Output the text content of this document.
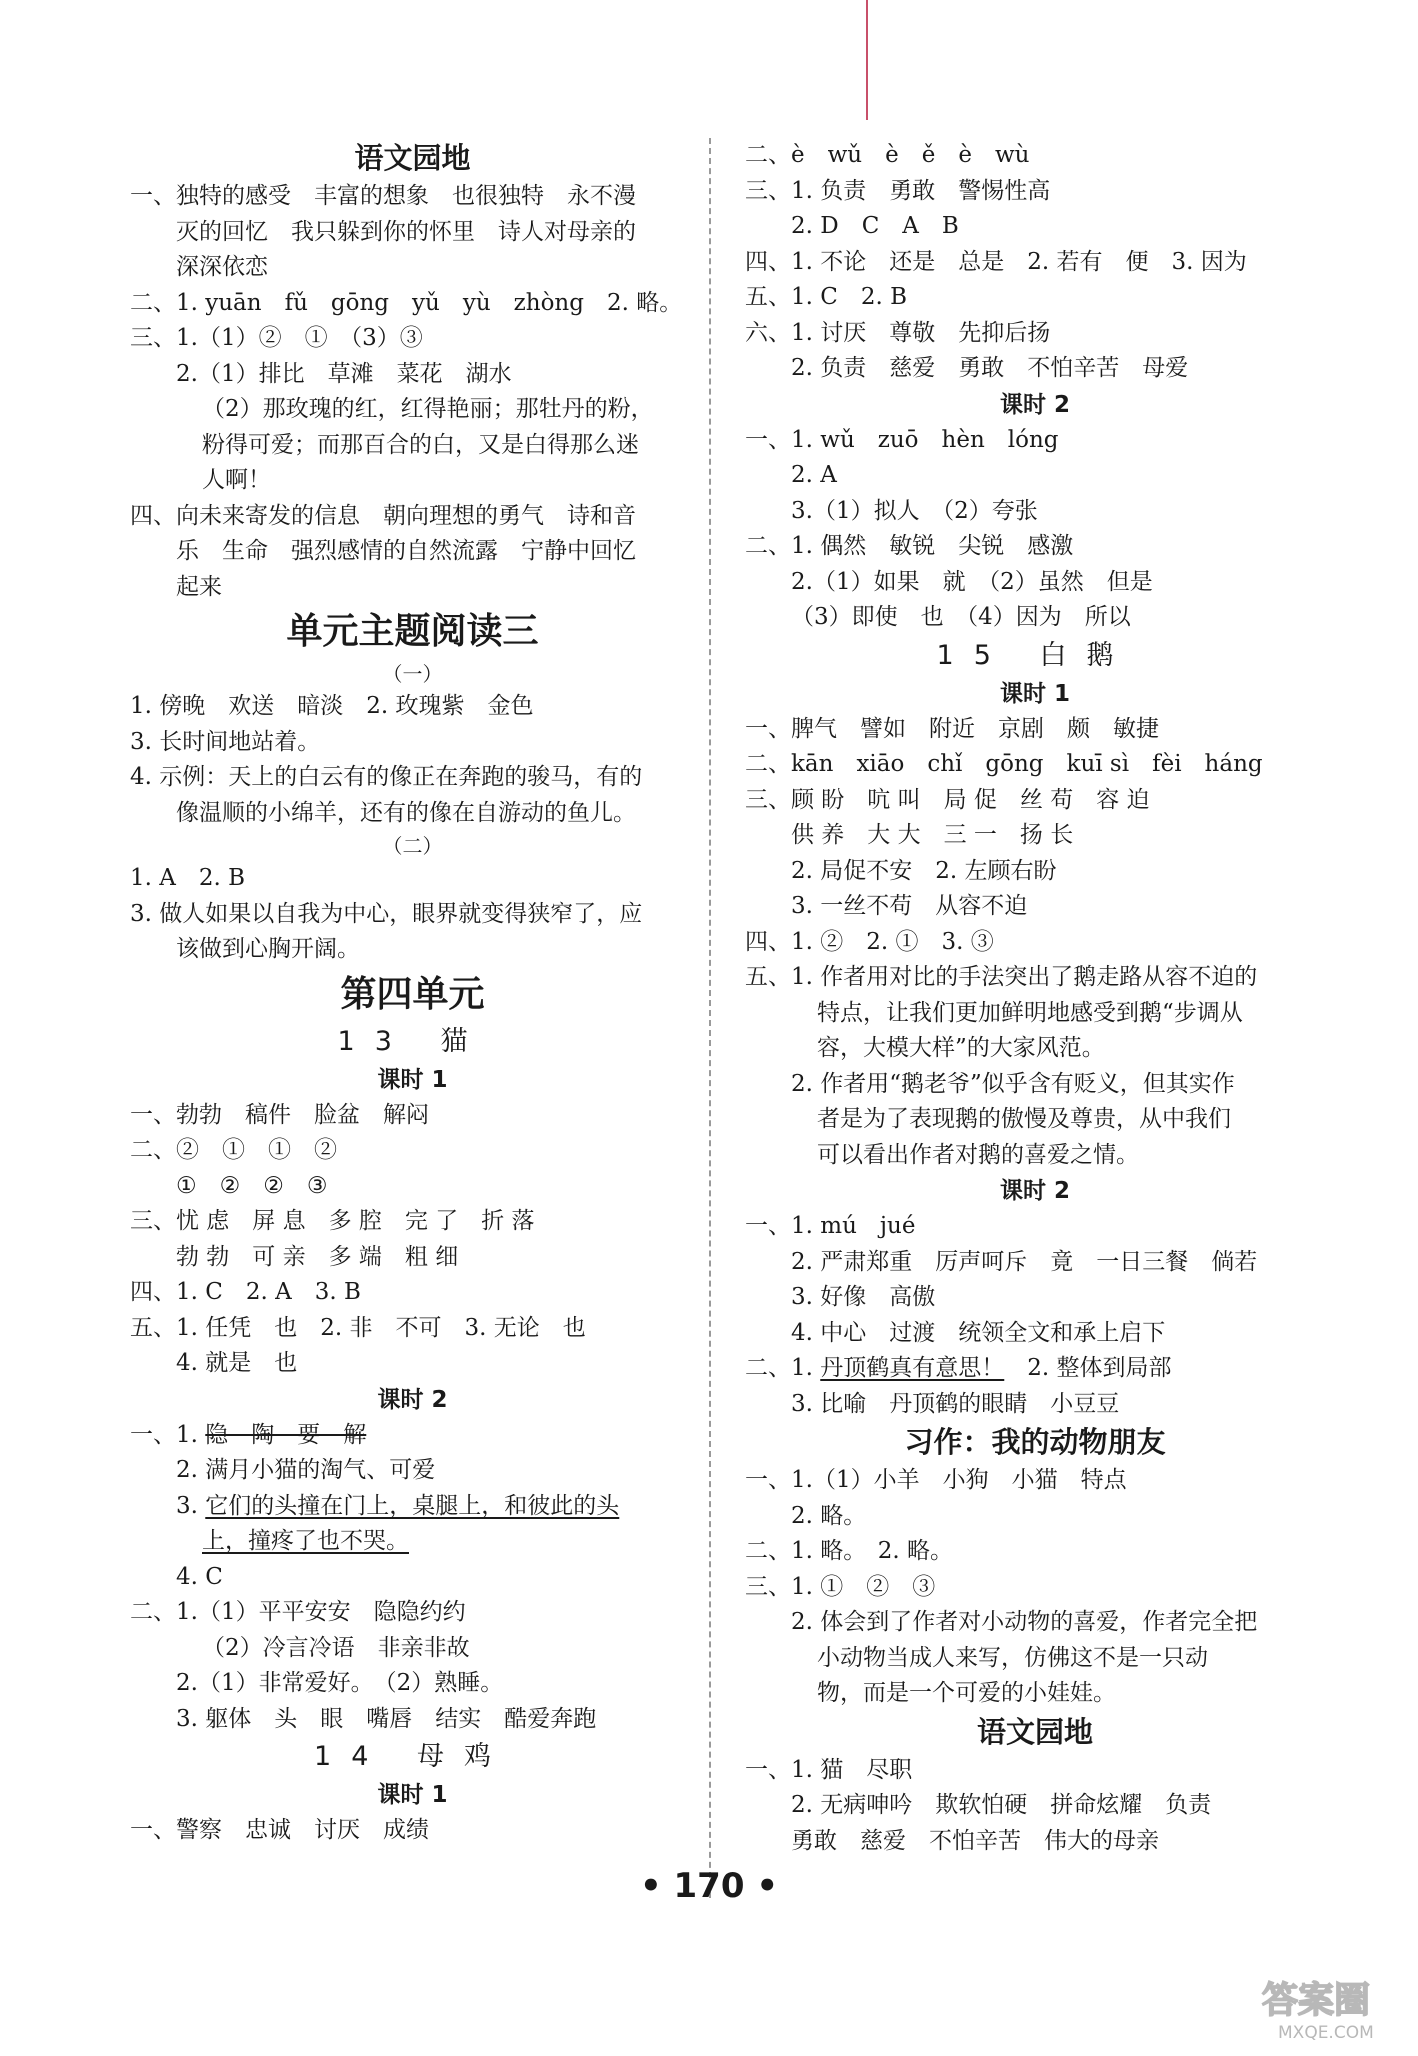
语文园地
一、独特的感受　丰富的想象　也很独特　永不漫
灭的回忆　我只躲到你的怀里　诗人对母亲的
深深依恋
二、1. yuān　fǔ　gōng　yǔ　yù　zhòng　2. 略。
三、1.（1）②　①　（3）③
2.（1）排比　草滩　菜花　湖水
（2）那玫瑰的红，红得艳丽；那牡丹的粉，
粉得可爱；而那百合的白，又是白得那么迷
人啊！
四、向未来寄发的信息　朝向理想的勇气　诗和音
乐　生命　强烈感情的自然流露　宁静中回忆
起来
单元主题阅读三
（一）
1. 傍晚　欢送　暗淡　2. 玫瑰紫　金色
3. 长时间地站着。
4. 示例：天上的白云有的像正在奔跑的骏马，有的
像温顺的小绵羊，还有的像在自游动的鱼儿。
（二）
1. A　2. B
3. 做人如果以自我为中心，眼界就变得狭窄了，应
该做到心胸开阔。
第四单元
13 猫
课时 1
一、勃勃　稿件　脸盆　解闷
二、②　①　①　②
①　②　②　③
三、忧 虑　屏 息　多 腔　完 了　折 落
勃 勃　可 亲　多 端　粗 细
四、1. C　2. A　3. B
五、1. 任凭　也　2. 非　不可　3. 无论　也
4. 就是　也
课时 2
一、1. 隐　陶　要　解
2. 满月小猫的淘气、可爱
3. 它们的头撞在门上，桌腿上，和彼此的头
上，撞疼了也不哭。
4. C
二、1.（1）平平安安　隐隐约约
（2）冷言冷语　非亲非故
2.（1）非常爱好。　（2）熟睡。
3. 躯体　头　眼　嘴唇　结实　酷爱奔跑
14 母鸡
课时 1
一、警察　忠诚　讨厌　成绩
二、è　wǔ　è　ě　è　wù
三、1. 负责　勇敢　警惕性高
2. D　C　A　B
四、1. 不论　还是　总是　2. 若有　便　3. 因为
五、1. C　2. B
六、1. 讨厌　尊敬　先抑后扬
2. 负责　慈爱　勇敢　不怕辛苦　母爱
课时 2
一、1. wǔ　zuō　hèn　lóng
2. A
3.（1）拟人　（2）夸张
二、1. 偶然　敏锐　尖锐　感激
2.（1）如果　就　（2）虽然　但是
（3）即使　也　（4）因为　所以
15 白鹅
课时 1
一、脾气　譬如　附近　京剧　颇　敏捷
二、kān　xiāo　chǐ　gōng　kuī sì　fèi　háng
三、顾 盼　吭 叫　局 促　丝 苟　容 迫
供 养　大 大　三 一　扬 长
2. 局促不安　2. 左顾右盼
3. 一丝不苟　从容不迫
四、1. ②　2. ①　3. ③
五、1. 作者用对比的手法突出了鹅走路从容不迫的
特点，让我们更加鲜明地感受到鹅“步调从
容，大模大样”的大家风范。
2. 作者用“鹅老爷”似乎含有贬义，但其实作
者是为了表现鹅的傲慢及尊贵，从中我们
可以看出作者对鹅的喜爱之情。
课时 2
一、1. mú　jué
2. 严肃郑重　厉声呵斥　竟　一日三餐　倘若
3. 好像　高傲
4. 中心　过渡　统领全文和承上启下
二、1. 丹顶鹤真有意思！　2. 整体到局部
3. 比喻　丹顶鹤的眼睛　小豆豆
习作：我的动物朋友
一、1.（1）小羊　小狗　小猫　特点
2. 略。
二、1. 略。　2. 略。
三、1. ①　②　③
2. 体会到了作者对小动物的喜爱，作者完全把
小动物当成人来写，仿佛这不是一只动
物，而是一个可爱的小娃娃。
语文园地
一、1. 猫　尽职
2. 无病呻吟　欺软怕硬　拼命炫耀　负责
勇敢　慈爱　不怕辛苦　伟大的母亲
• 170 •
答案圈
MXQE.COM
